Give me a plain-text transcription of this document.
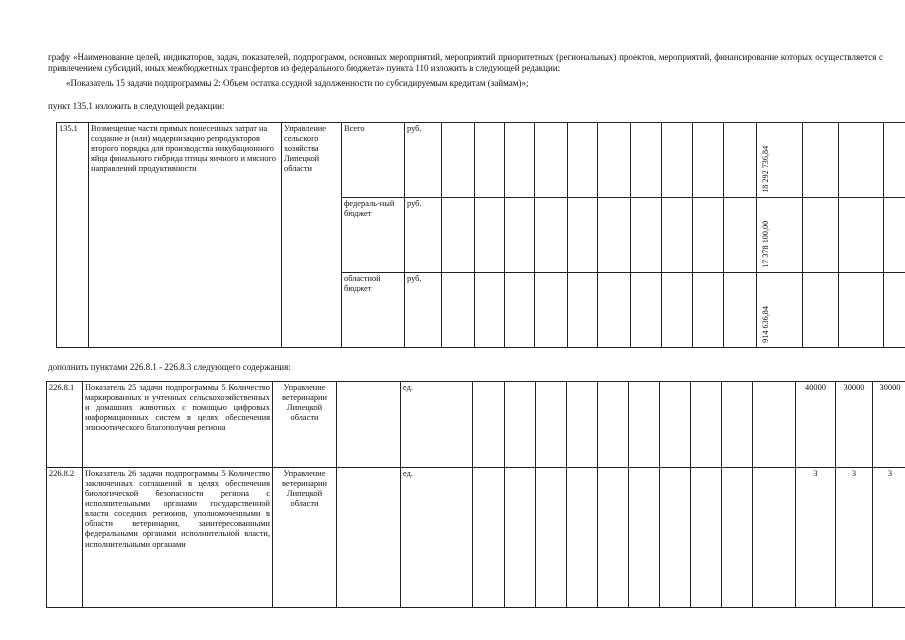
графу «Наименование целей, индикаторов, задач, показателей, подпрограмм, основных мероприятий, мероприятий приоритетных (региональных) проектов, мероприятий, финансирование которых осуществляется с привлечением субсидий, иных межбюджетных трансфертов из федерального бюджета» пункта 110 изложить в следующей редакции:
«Показатель 15 задачи подпрограммы 2: Объем остатка ссудной задолженности по субсидируемым кредитам (займам)»;
пункт 135.1 изложить в следующей редакции:
135.1	Возмещение части прямых понесенных затрат на создание и (или) модернизацию репродукторов второго порядка для производства инкубационного яйца финального гибрида птицы яичного и мясного направлений продуктивности	Управление сельского хозяйства Липецкой области	Всего	руб.											18 292 736,84			

			федераль-ный бюджет	руб.											17 378 100,00			

			областной бюджет	руб.											914 636,84			

дополнить пунктами 226.8.1 - 226.8.3 следующего содержания:
226.8.1	Показатель 25 задачи подпрограммы 5 Количество маркированных и учтенных сельскохозяйственных и домашних животных с помощью цифровых информационных систем в целях обеспечения эпизоотического благополучия региона	Управление ветеринарии Липецкой области		ед.											40000	30000	30000	
226.8.2	Показатель 26 задачи подпрограммы 5 Количество заключенных соглашений в целях обеспечения биологической безопасности региона с исполнительными органами государственной власти соседних регионов, уполномоченными в области ветеринарии, заинтересованными федеральными органами исполнительной власти, исполнительными органами	Управление ветеринарии Липецкой области		ед.											3	3	3	
